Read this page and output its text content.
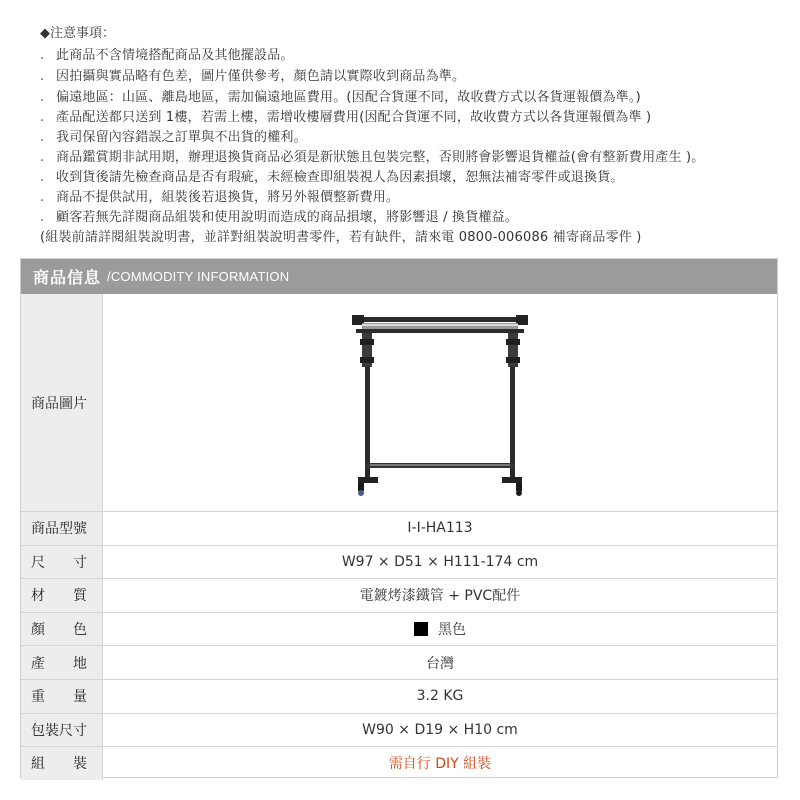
◆注意事項：
. 此商品不含情境搭配商品及其他擺設品。
. 因拍攝與實品略有色差，圖片僅供參考，顏色請以實際收到商品為準。
. 偏遠地區：山區、離島地區，需加偏遠地區費用。(因配合貨運不同，故收費方式以各貨運報價為準。)
. 產品配送都只送到 1樓，若需上樓，需增收樓層費用(因配合貨運不同，故收費方式以各貨運報價為準 )
. 我司保留內容錯誤之訂單與不出貨的權利。
. 商品鑑賞期非試用期，辦理退換貨商品必須是新狀態且包裝完整，否則將會影響退貨權益(會有整新費用產生 )。
. 收到貨後請先檢查商品是否有瑕疵，未經檢查即組裝視人為因素損壞，恕無法補寄零件或退換貨。
. 商品不提供試用，組裝後若退換貨，將另外報價整新費用。
. 顧客若無先詳閱商品組裝和使用說明而造成的商品損壞，將影響退 / 換貨權益。
(組裝前請詳閱組裝說明書，並詳對組裝說明書零件，若有缺件，請來電 0800-006086 補寄商品零件 )
商品信息 /COMMODITY INFORMATION
商品圖片
商品型號	I-I-HA113
尺　　寸	W97 × D51 × H111-174 cm
材　　質	電鍍烤漆鐵管 + PVC配件
顏　　色	黑色
產　　地	台灣
重　　量	3.2 KG
包裝尺寸	W90 × D19 × H10 cm
組　　裝	需自行 DIY 組裝
